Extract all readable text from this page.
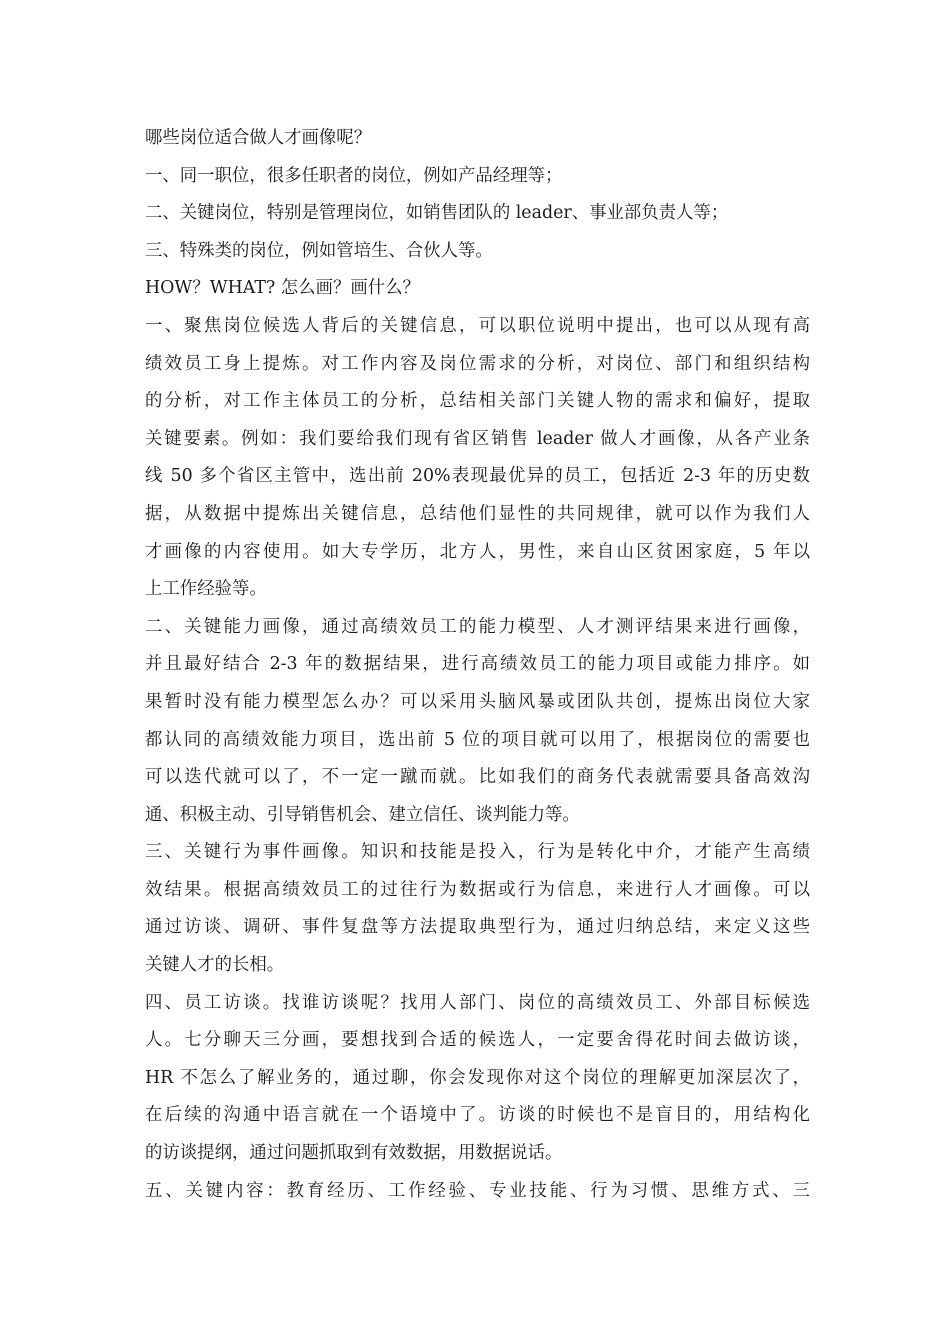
哪些岗位适合做人才画像呢？
一、同一职位，很多任职者的岗位，例如产品经理等；
二、关键岗位，特别是管理岗位，如销售团队的 leader、事业部负责人等；
三、特殊类的岗位，例如管培生、合伙人等。
HOW？WHAT? 怎么画？画什么？
一、聚焦岗位候选人背后的关键信息，可以职位说明中提出，也可以从现有高
绩效员工身上提炼。对工作内容及岗位需求的分析，对岗位、部门和组织结构
的分析，对工作主体员工的分析，总结相关部门关键人物的需求和偏好，提取
关键要素。例如：我们要给我们现有省区销售 leader 做人才画像，从各产业条
线 50 多个省区主管中，选出前 20%表现最优异的员工，包括近 2-3 年的历史数
据，从数据中提炼出关键信息，总结他们显性的共同规律，就可以作为我们人
才画像的内容使用。如大专学历，北方人，男性，来自山区贫困家庭，5 年以
上工作经验等。
二、关键能力画像，通过高绩效员工的能力模型、人才测评结果来进行画像，
并且最好结合 2-3 年的数据结果，进行高绩效员工的能力项目或能力排序。如
果暂时没有能力模型怎么办？可以采用头脑风暴或团队共创，提炼出岗位大家
都认同的高绩效能力项目，选出前 5 位的项目就可以用了，根据岗位的需要也
可以迭代就可以了，不一定一蹴而就。比如我们的商务代表就需要具备高效沟
通、积极主动、引导销售机会、建立信任、谈判能力等。
三、关键行为事件画像。知识和技能是投入，行为是转化中介，才能产生高绩
效结果。根据高绩效员工的过往行为数据或行为信息，来进行人才画像。可以
通过访谈、调研、事件复盘等方法提取典型行为，通过归纳总结，来定义这些
关键人才的长相。
四、员工访谈。找谁访谈呢？找用人部门、岗位的高绩效员工、外部目标候选
人。七分聊天三分画，要想找到合适的候选人，一定要舍得花时间去做访谈，
HR 不怎么了解业务的，通过聊，你会发现你对这个岗位的理解更加深层次了，
在后续的沟通中语言就在一个语境中了。访谈的时候也不是盲目的，用结构化
的访谈提纲，通过问题抓取到有效数据，用数据说话。
五、关键内容：教育经历、工作经验、专业技能、行为习惯、思维方式、三
